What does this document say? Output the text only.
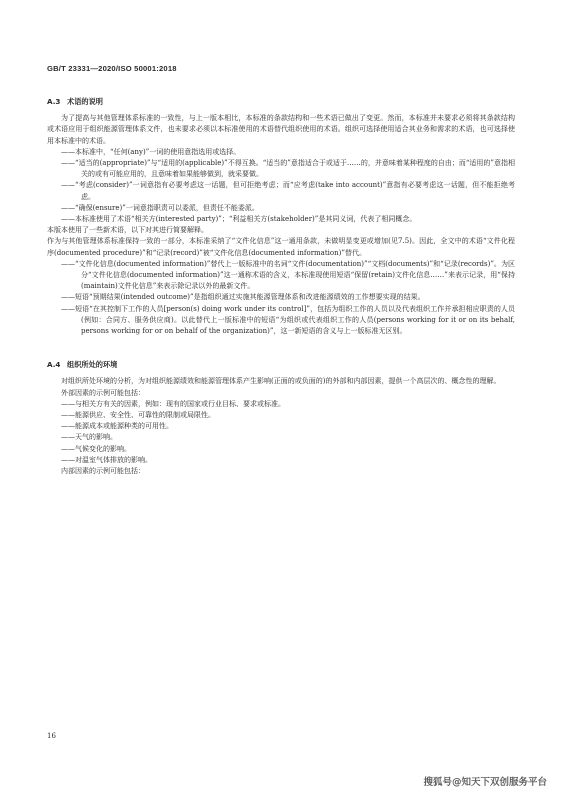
GB/T 23331—2020/ISO 50001:2018
A.3 术语的说明

为了提高与其他管理体系标准的一致性，与上一版本相比，本标准的条款结构和一些术语已做出了变更。然而，本标准并未要求必须将其条款结构或术语应用于组织能源管理体系文件，也未要求必须以本标准使用的术语替代组织使用的术语。组织可选择使用适合其业务和需求的术语，也可选择使用本标准中的术语。

——本标准中，“任何(any)”一词的使用意指选用或选择。

——“适当的(appropriate)”与“适用的(applicable)”不得互换。“适当的”意指适合于或适于……的，并意味着某种程度的自由；而“适用的”意指相关的或有可能应用的，且意味着如果能够做到，就采要做。

——“考虑(consider)”一词意指有必要考虑这一话题，但可拒绝考虑；而“应考虑(take into account)”意指有必要考虑这一话题，但不能拒绝考虑。

——“确保(ensure)”一词意指职责可以委派，但责任不能委派。

——本标准使用了术语“相关方(interested party)”；“利益相关方(stakeholder)”是其同义词，代表了相同概念。

本版本使用了一些新术语，以下对其进行简要解释。

作为与其他管理体系标准保持一致的一部分，本标准采纳了“文件化信息”这一通用条款，未做明显变更或增加(见7.5)。因此，全文中的术语“文件化程序(documented procedure)”和“记录(record)”被“文件化信息(documented information)”替代。

——“文件化信息(documented information)”替代上一版标准中的名词“文件(documentation)”“文档(documents)”和“记录(records)”。为区分“文件化信息(documented information)”这一通称术语的含义，本标准现使用短语“保留(retain)文件化信息……”来表示记录，用“保持(maintain)文件化信息”来表示除记录以外的最新文件。

——短语“预期结果(intended outcome)”是指组织通过实施其能源管理体系和改进能源绩效的工作想要实现的结果。

——短语“在其控制下工作的人员[person(s) doing work under its control]”，包括为组织工作的人员以及代表组织工作并承担相应职责的人员(例如：合同方、服务供应商)。以此替代上一版标准中的短语“为组织或代表组织工作的人员(persons working for it or on its behalf, persons working for or on behalf of the organization)”，这一新短语的含义与上一版标准无区别。

A.4 组织所处的环境

对组织所处环境的分析，为对组织能源绩效和能源管理体系产生影响(正面的或负面的)的外部和内部因素，提供一个高层次的、概念性的理解。

外部因素的示例可能包括：

——与相关方有关的因素，例如：现有的国家或行业目标、要求或标准。

——能源供应、安全性、可靠性的限制或局限性。

——能源成本或能源种类的可用性。

——天气的影响。

——气候变化的影响。

——对温室气体排放的影响。

内部因素的示例可能包括：

16
搜狐号@知天下双创服务平台
